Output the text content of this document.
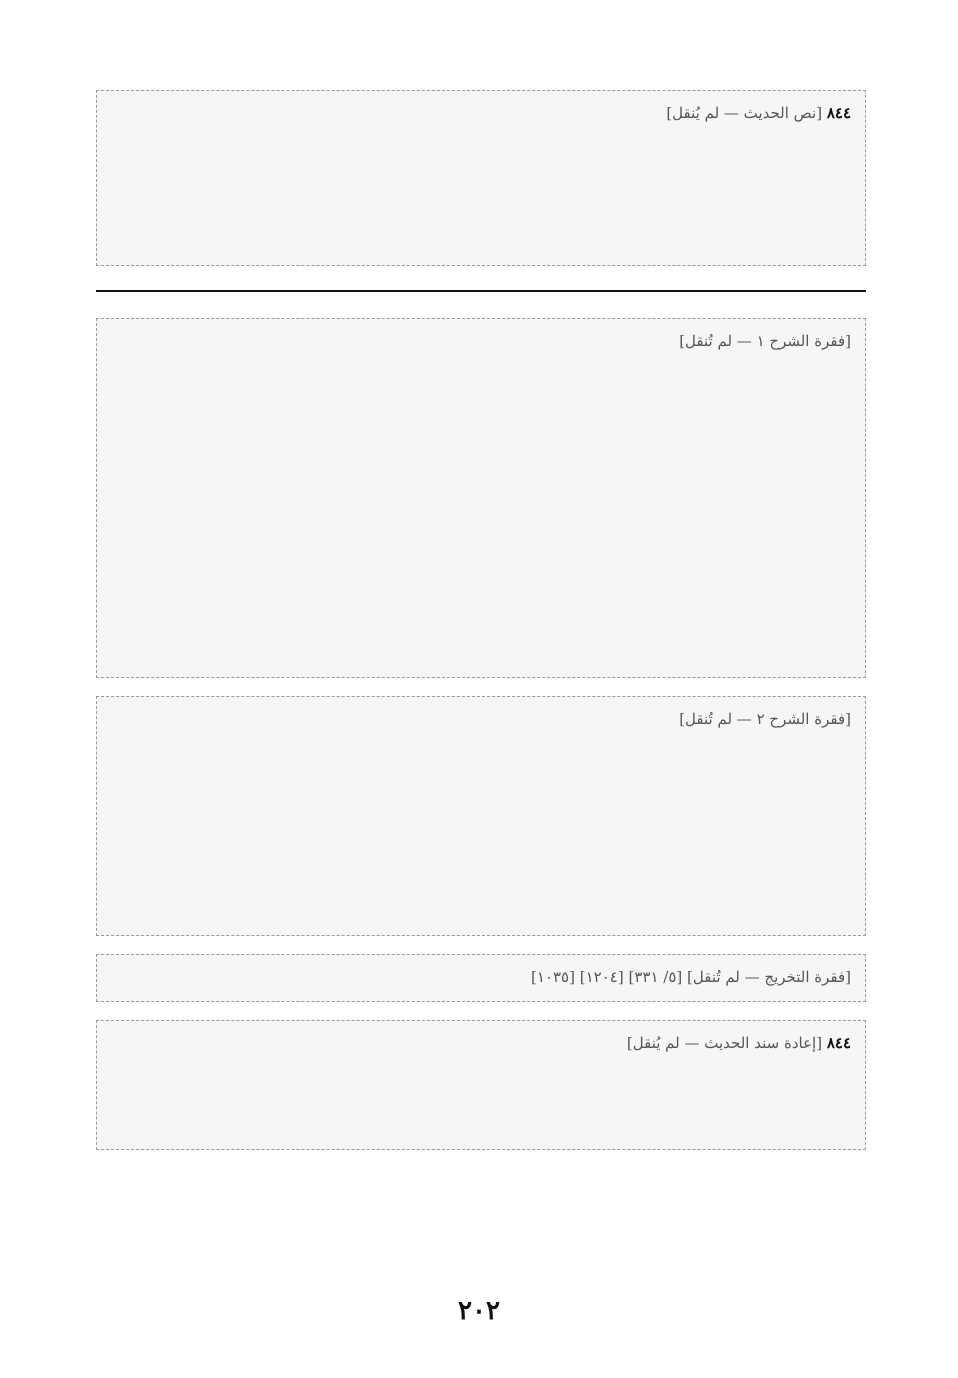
٨٤٤ [نص الحديث — لم يُنقل]
[فقرة الشرح ١ — لم تُنقل]
[فقرة الشرح ٢ — لم تُنقل]
[فقرة التخريج — لم تُنقل] [٥/ ٣٣١] [١٢٠٤] [١٠٣٥]
٨٤٤ [إعادة سند الحديث — لم يُنقل]
٢٠٢
